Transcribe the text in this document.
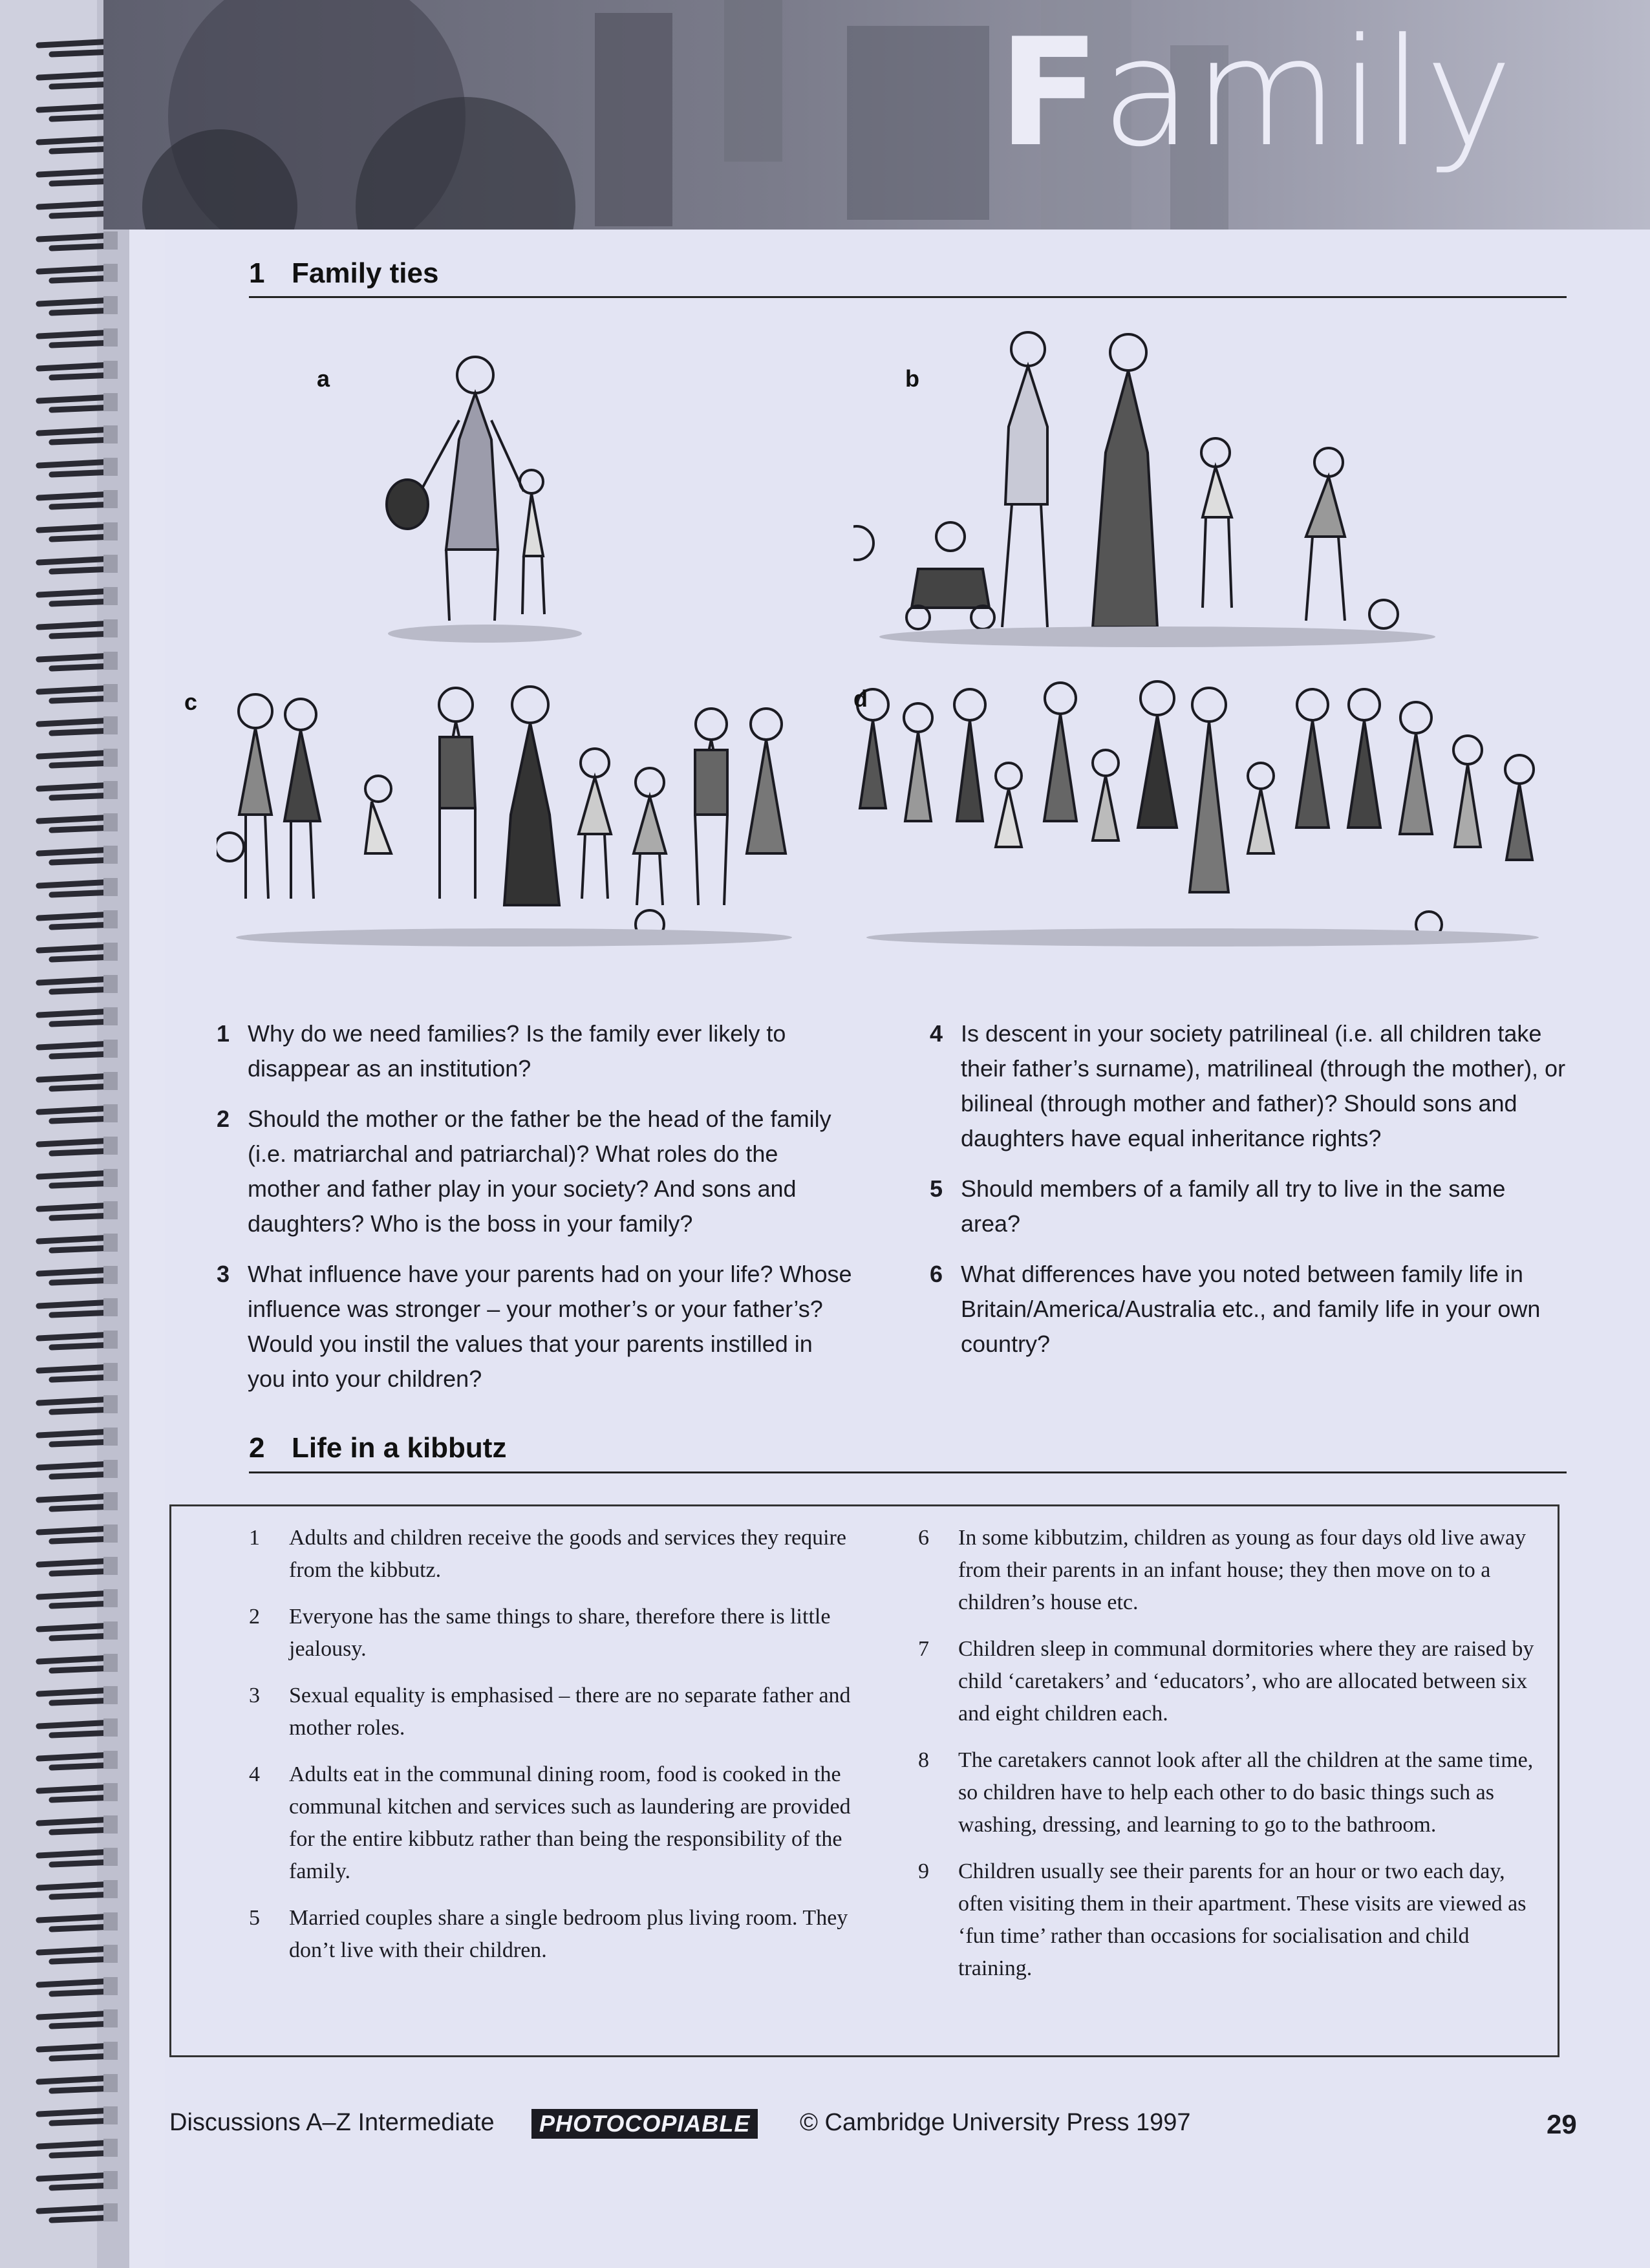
Family
1 Family ties
a	b
c	d
1 Why do we need families? Is the family ever likely to disappear as an institution?
2 Should the mother or the father be the head of the family (i.e. matriarchal and patriarchal)? What roles do the mother and father play in your society? And sons and daughters? Who is the boss in your family?
3 What influence have your parents had on your life? Whose influence was stronger – your mother’s or your father’s? Would you instil the values that your parents instilled in you into your children?
4 Is descent in your society patrilineal (i.e. all children take their father’s surname), matrilineal (through the mother), or bilineal (through mother and father)? Should sons and daughters have equal inheritance rights?
5 Should members of a family all try to live in the same area?
6 What differences have you noted between family life in Britain/America/Australia etc., and family life in your own country?
2 Life in a kibbutz
1 Adults and children receive the goods and services they require from the kibbutz.
2 Everyone has the same things to share, therefore there is little jealousy.
3 Sexual equality is emphasised – there are no separate father and mother roles.
4 Adults eat in the communal dining room, food is cooked in the communal kitchen and services such as laundering are provided for the entire kibbutz rather than being the responsibility of the family.
5 Married couples share a single bedroom plus living room. They don’t live with their children.
6 In some kibbutzim, children as young as four days old live away from their parents in an infant house; they then move on to a children’s house etc.
7 Children sleep in communal dormitories where they are raised by child ‘caretakers’ and ‘educators’, who are allocated between six and eight children each.
8 The caretakers cannot look after all the children at the same time, so children have to help each other to do basic things such as washing, dressing, and learning to go to the bathroom.
9 Children usually see their parents for an hour or two each day, often visiting them in their apartment. These visits are viewed as ‘fun time’ rather than occasions for socialisation and child training.
Discussions A–Z Intermediate	PHOTOCOPIABLE	© Cambridge University Press 1997	29
